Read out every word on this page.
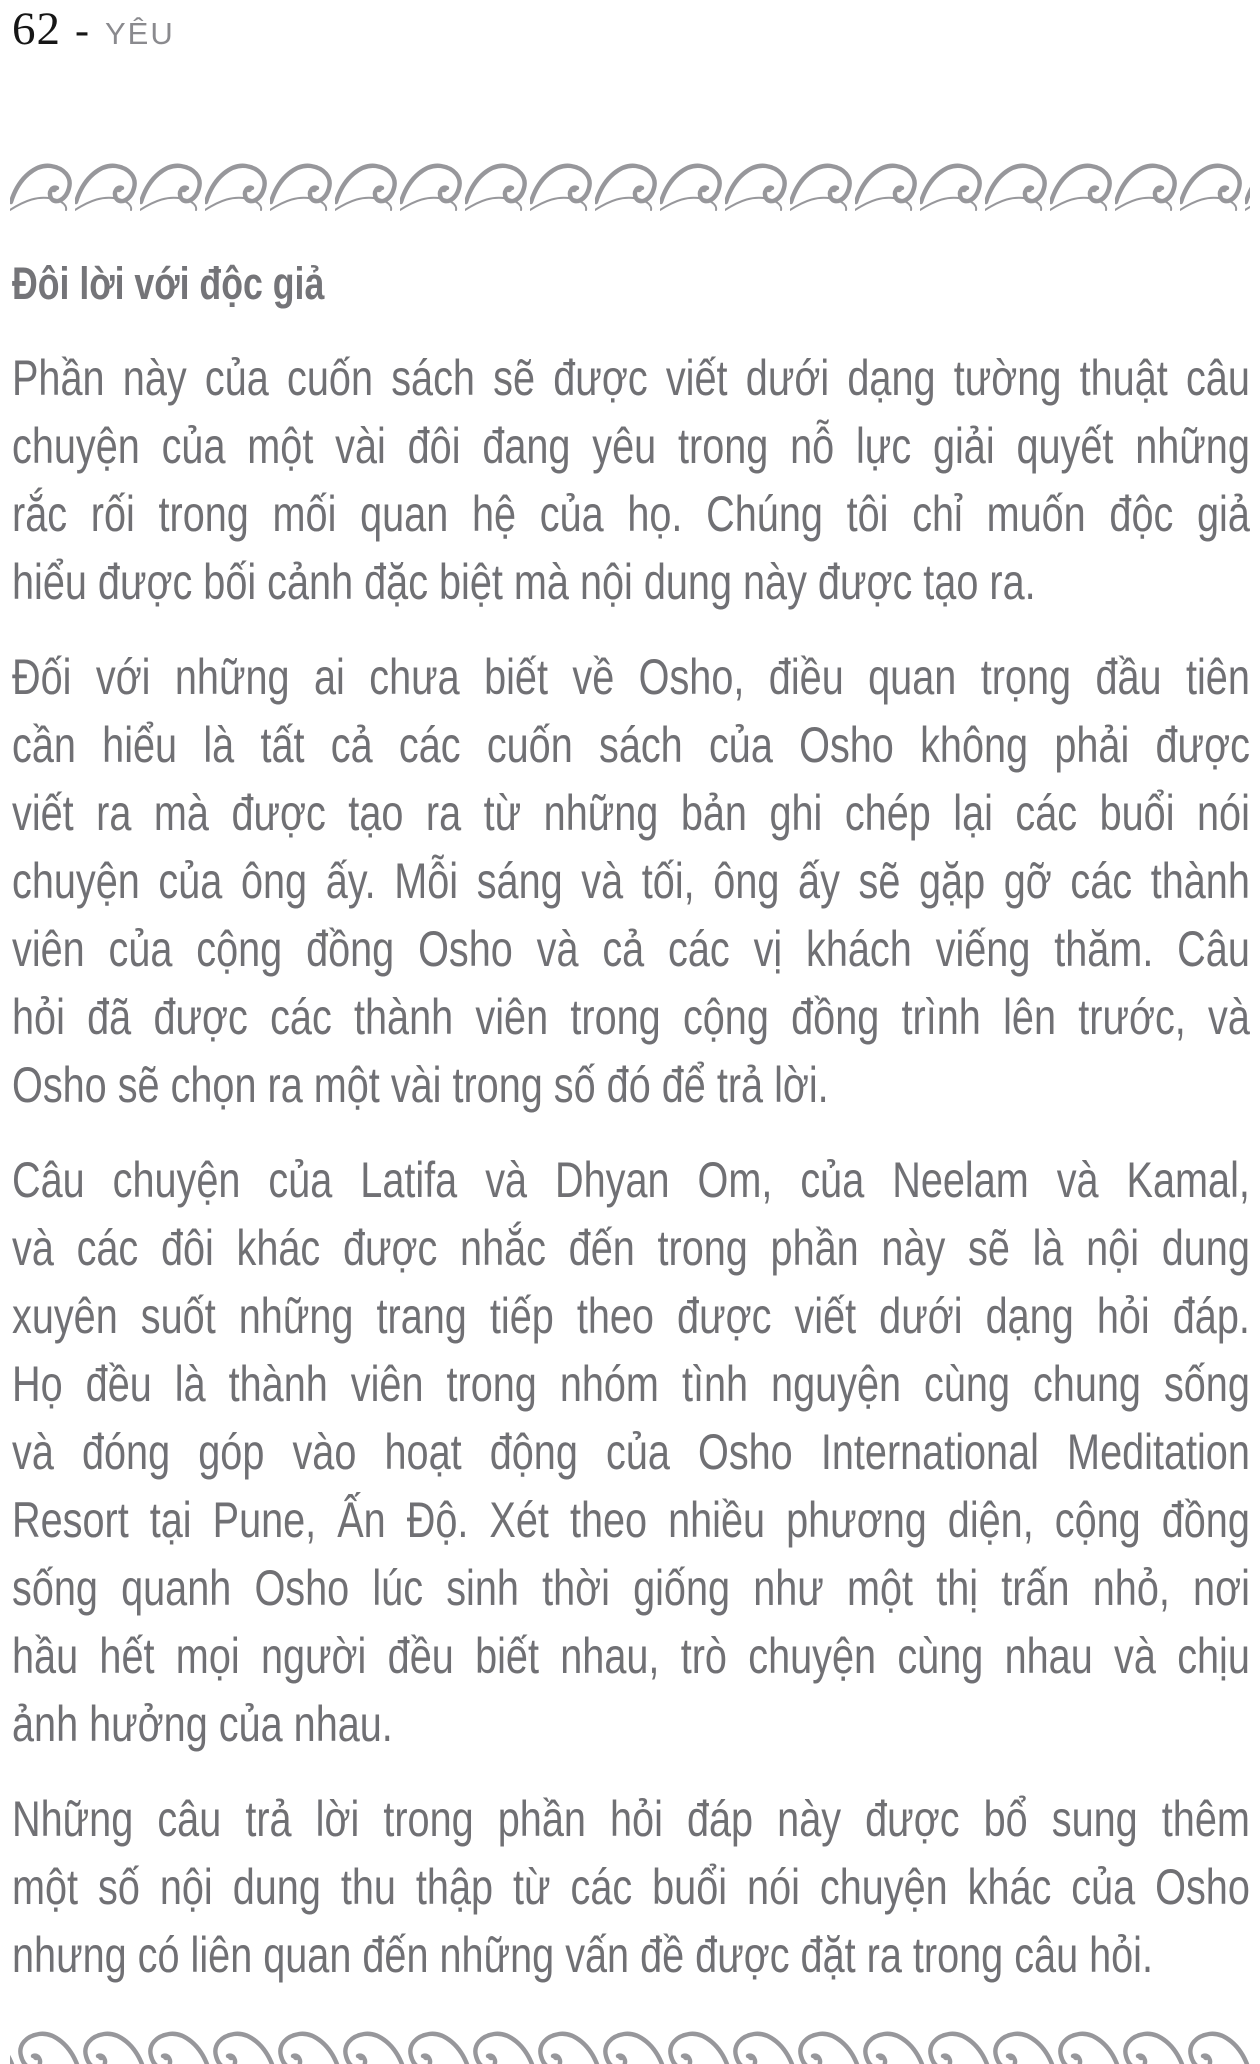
62 - yêu
Đôi lời với độc giả

Phần này của cuốn sách sẽ được viết dưới dạng tường thuật câu
chuyện của một vài đôi đang yêu trong nỗ lực giải quyết những
rắc rối trong mối quan hệ của họ. Chúng tôi chỉ muốn độc giả
hiểu được bối cảnh đặc biệt mà nội dung này được tạo ra.

Đối với những ai chưa biết về Osho, điều quan trọng đầu tiên
cần hiểu là tất cả các cuốn sách của Osho không phải được
viết ra mà được tạo ra từ những bản ghi chép lại các buổi nói
chuyện của ông ấy. Mỗi sáng và tối, ông ấy sẽ gặp gỡ các thành
viên của cộng đồng Osho và cả các vị khách viếng thăm. Câu
hỏi đã được các thành viên trong cộng đồng trình lên trước, và
Osho sẽ chọn ra một vài trong số đó để trả lời.

Câu chuyện của Latifa và Dhyan Om, của Neelam và Kamal,
và các đôi khác được nhắc đến trong phần này sẽ là nội dung
xuyên suốt những trang tiếp theo được viết dưới dạng hỏi đáp.
Họ đều là thành viên trong nhóm tình nguyện cùng chung sống
và đóng góp vào hoạt động của Osho International Meditation
Resort tại Pune, Ấn Độ. Xét theo nhiều phương diện, cộng đồng
sống quanh Osho lúc sinh thời giống như một thị trấn nhỏ, nơi
hầu hết mọi người đều biết nhau, trò chuyện cùng nhau và chịu
ảnh hưởng của nhau.

Những câu trả lời trong phần hỏi đáp này được bổ sung thêm
một số nội dung thu thập từ các buổi nói chuyện khác của Osho
nhưng có liên quan đến những vấn đề được đặt ra trong câu hỏi.
